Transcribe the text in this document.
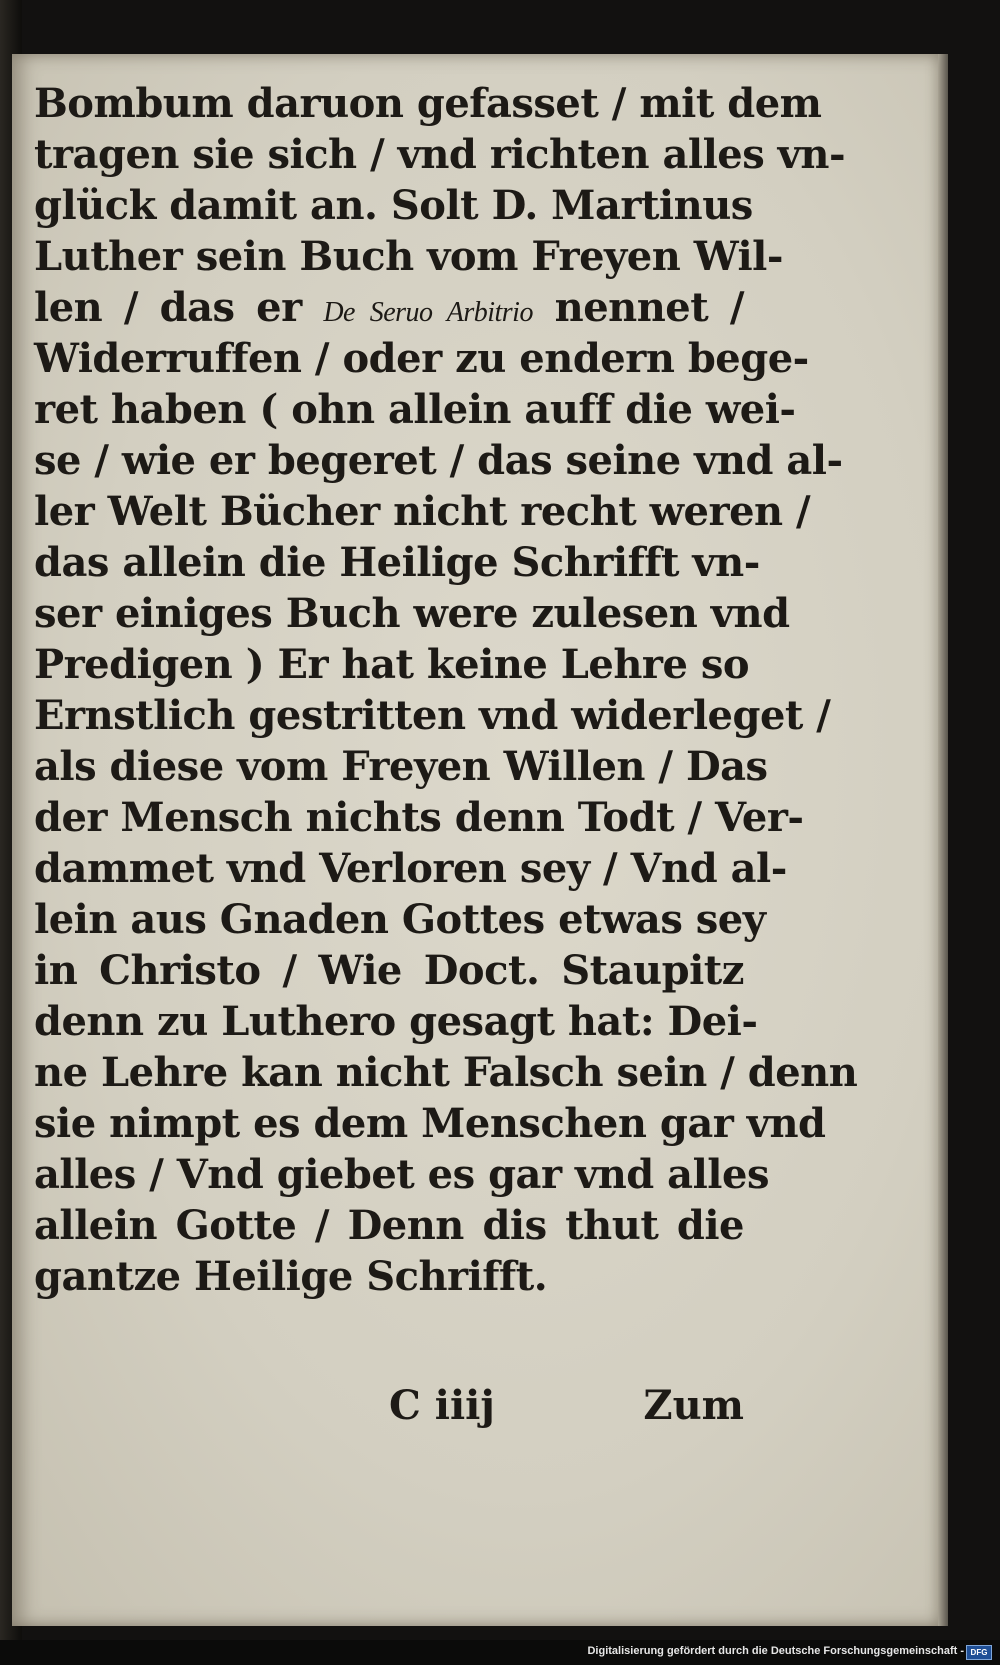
Bombum daruon gefasset / mit dem
tragen sie sich / vnd richten alles vn-
glück damit an. Solt D. Martinus
Luther sein Buch vom Freyen Wil-
len / das er De Seruo Arbitrio nennet /
Widerruffen / oder zu endern bege-
ret haben ( ohn allein auff die wei-
se / wie er begeret / das seine vnd al-
ler Welt Bücher nicht recht weren /
das allein die Heilige Schrifft vn-
ser einiges Buch were zulesen vnd
Predigen ) Er hat keine Lehre so
Ernstlich gestritten vnd widerleget /
als diese vom Freyen Willen / Das
der Mensch nichts denn Todt / Ver-
dammet vnd Verloren sey / Vnd al-
lein aus Gnaden Gottes etwas sey
in Christo / Wie Doct. Staupitz
denn zu Luthero gesagt hat: Dei-
ne Lehre kan nicht Falsch sein / denn
sie nimpt es dem Menschen gar vnd
alles / Vnd giebet es gar vnd alles
allein Gotte / Denn dis thut die
gantze Heilige Schrifft.
C iiij	Zum
Digitalisierung gefördert durch die Deutsche Forschungsgemeinschaft - DFG
